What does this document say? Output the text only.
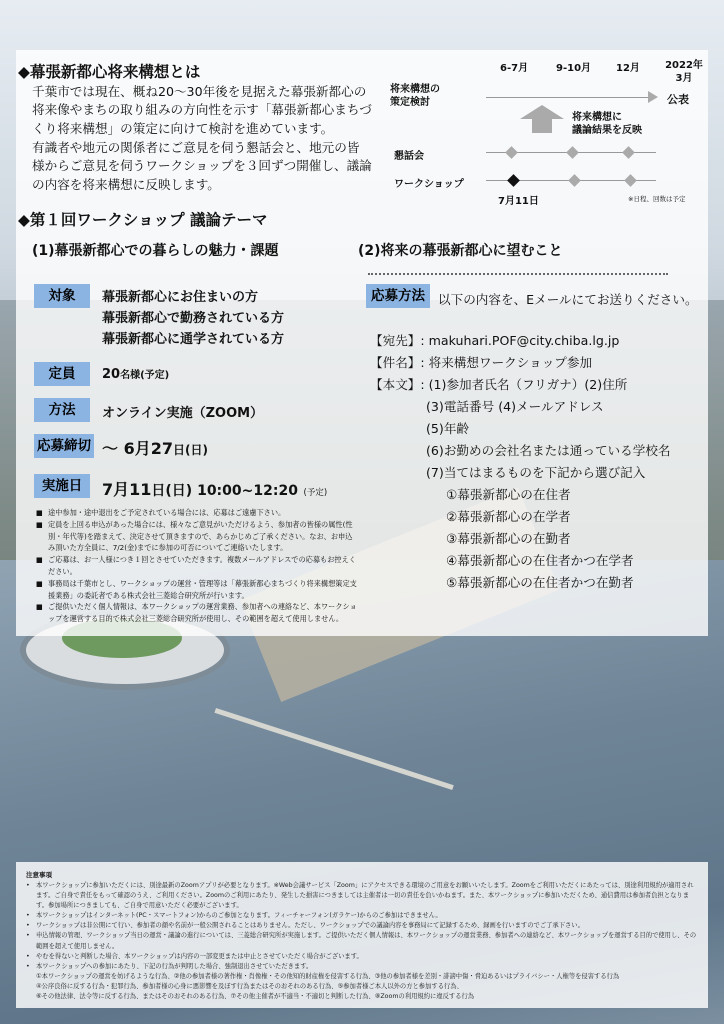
◆幕張新都心将来構想とは
千葉市では現在、概ね20～30年後を見据えた幕張新都心の将来像やまちの取り組みの方向性を示す「幕張新都心まちづくり将来構想」の策定に向けて検討を進めています。
有識者や地元の関係者にご意見を伺う懇話会と、地元の皆様からご意見を伺うワークショップを３回ずつ開催し、議論の内容を将来構想に反映します。
6-7月	9-10月 12月	2022年
3月
将来構想の
策定検討	公表
将来構想に
議論結果を反映
懇話会
ワークショップ
7月11日	※日程、回数は予定
◆第１回ワークショップ 議論テーマ
(1)幕張新都心での暮らしの魅力・課題	(2)将来の幕張新都心に望むこと
対象	幕張新都心にお住まいの方
幕張新都心で勤務されている方
幕張新都心に通学されている方
定員	20名様(予定)
方法	オンライン実施（ZOOM）
応募締切 ～ 6月27日(日)
実施日	7月11日(日) 10:00~12:20 (予定)
■ 途中参加・途中退出をご予定されている場合には、応募はご遠慮下さい。
■ 定員を上回る申込があった場合には、様々なご意見がいただけるよう、参加者の皆様の属性(性別・年代等)を踏まえて、決定させて頂きますので、あらかじめご了承ください。なお、お申込み頂いた方全員に、7/2(金)までに参加の可否についてご連絡いたします。
■ ご応募は、お一人様につき１回とさせていただきます。複数メールアドレスでの応募もお控えください。
■ 事務局は千葉市とし、ワークショップの運営・管理等は「幕張新都心まちづくり将来構想策定支援業務」の委託者である株式会社三菱総合研究所が行います。
■ ご提供いただく個人情報は、本ワークショップの運営業務、参加者への連絡など、本ワークショップを運営する目的で株式会社三菱総合研究所が使用し、その範囲を超えて使用しません。
応募方法	以下の内容を、Eメールにてお送りください。
【宛先】: makuhari.POF@city.chiba.lg.jp
【件名】: 将来構想ワークショップ参加
【本文】: (1)参加者氏名（フリガナ）(2)住所
(3)電話番号 (4)メールアドレス
(5)年齢
(6)お勤めの会社名または通っている学校名
(7)当てはまるものを下記から選び記入
①幕張新都心の在住者
②幕張新都心の在学者
③幕張新都心の在勤者
④幕張新都心の在住者かつ在学者
⑤幕張新都心の在住者かつ在勤者
注意事項
• 本ワークショップに参加いただくには、別途最新のZoomアプリが必要となります。※Web会議サービス「Zoom」にアクセスできる環境のご用意をお願いいたします。Zoomをご利用いただくにあたっては、別途利用規約が適用されます。ご自身で責任をもって確認のうえ、ご利用ください。Zoomのご利用にあたり、発生した損害につきましては主催者は一切の責任を負いかねます。また、本ワークショップに参加いただくため、通信費用は参加者負担となります。参加場所につきましても、ご自身で用意いただく必要がございます。
• 本ワークショップはインターネット(PC・スマートフォン)からのご参加となります。フィーチャーフォン(ガラケー)からのご参加はできません。
• ワークショップは非公開にて行い、参加者の顔や名前が一般公開されることはありません。ただし、ワークショップでの議論内容を事務局にて記録するため、録画を行いますのでご了承下さい。
• 申込情報の管理、ワークショップ当日の運営・議論の進行については、三菱総合研究所が実施します。ご提供いただく個人情報は、本ワークショップの運営業務、参加者への連絡など、本ワークショップを運営する目的で使用し、その範囲を超えて使用しません。
• やむを得ないと判断した場合、本ワークショップは内容の一部変更または中止とさせていただく場合がございます。
• 本ワークショップへの参加にあたり、下記の行為が判明した場合、強制退出させていただきます。
①本ワークショップの運営を妨げるような行為、②他の参加者様の著作権・肖像権・その他知的財産権を侵害する行為、③他の参加者様を差別・誹謗中傷・脅迫あるいはプライバシー・人権等を侵害する行為
④公序良俗に反する行為・犯罪行為、参加者様の心身に悪影響を及ぼす行為またはそのおそれのある行為、⑤参加者様ご本人以外の方と参加する行為、
⑥その他法律、法令等に反する行為、またはそのおそれのある行為、⑦その他主催者が不適当・不適切と判断した行為、⑧Zoomの利用規約に違反する行為
